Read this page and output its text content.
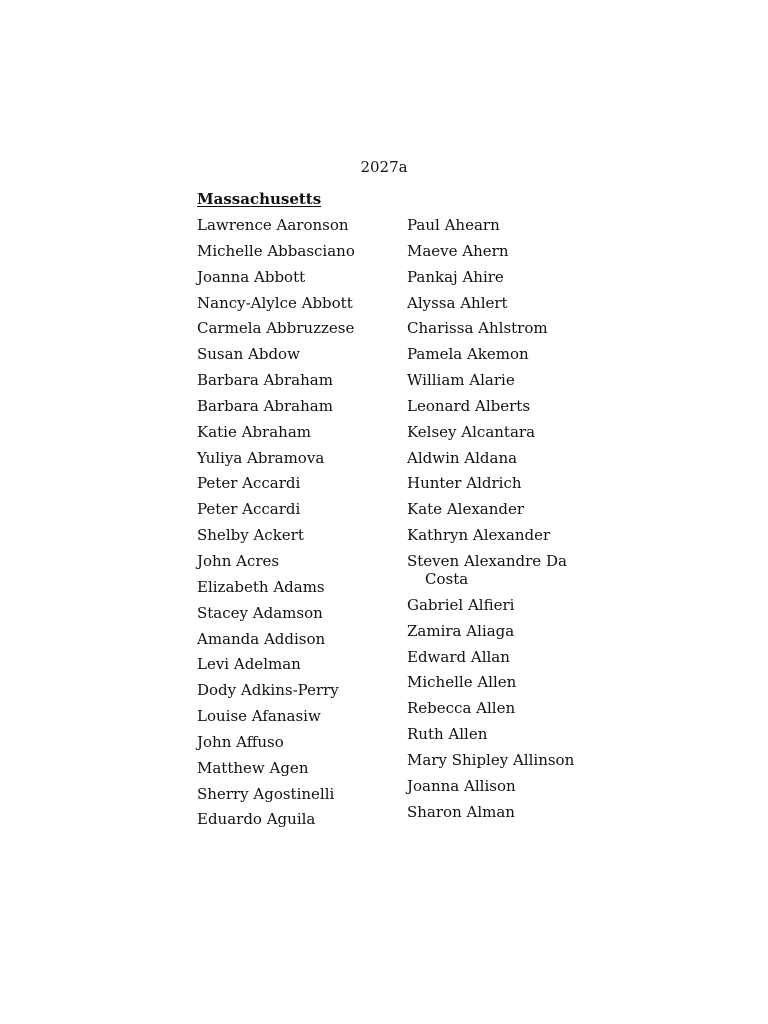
2027a
Massachusetts
Lawrence Aaronson
Michelle Abbasciano
Joanna Abbott
Nancy-Alylce Abbott
Carmela Abbruzzese
Susan Abdow
Barbara Abraham
Barbara Abraham
Katie Abraham
Yuliya Abramova
Peter Accardi
Peter Accardi
Shelby Ackert
John Acres
Elizabeth Adams
Stacey Adamson
Amanda Addison
Levi Adelman
Dody Adkins-Perry
Louise Afanasiw
John Affuso
Matthew Agen
Sherry Agostinelli
Eduardo Aguila
Paul Ahearn
Maeve Ahern
Pankaj Ahire
Alyssa Ahlert
Charissa Ahlstrom
Pamela Akemon
William Alarie
Leonard Alberts
Kelsey Alcantara
Aldwin Aldana
Hunter Aldrich
Kate Alexander
Kathryn Alexander
Steven Alexandre Da Costa
Gabriel Alfieri
Zamira Aliaga
Edward Allan
Michelle Allen
Rebecca Allen
Ruth Allen
Mary Shipley Allinson
Joanna Allison
Sharon Alman
